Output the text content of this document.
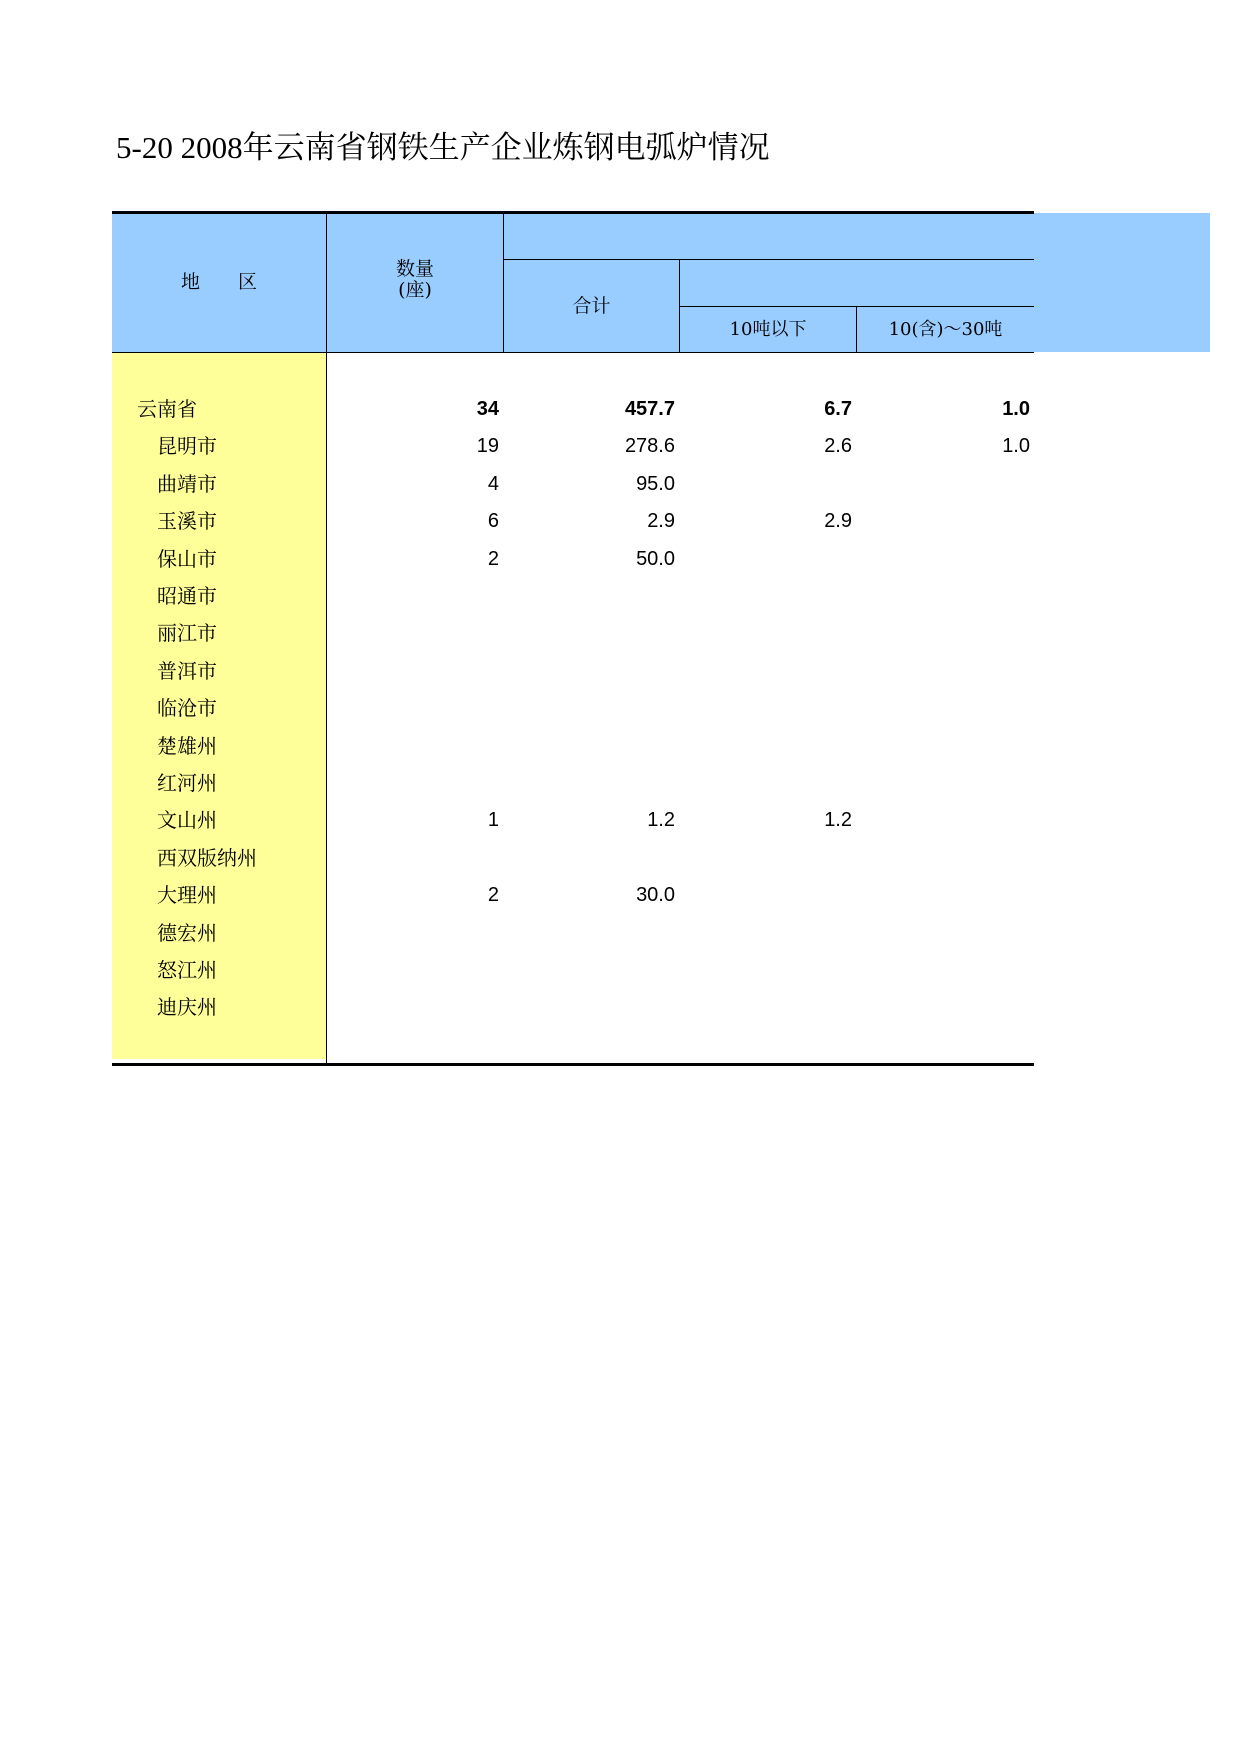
5-20 2008年云南省钢铁生产企业炼钢电弧炉情况
地　　区
数量
(座)
合计
10吨以下	10(含)～30吨
云南省	34	457.7	6.7	1.0
昆明市	19	278.6	2.6	1.0
曲靖市	4	95.0
玉溪市	6	2.9	2.9
保山市	2	50.0
昭通市
丽江市
普洱市
临沧市
楚雄州
红河州
文山州	1	1.2	1.2
西双版纳州
大理州	2	30.0
德宏州
怒江州
迪庆州
